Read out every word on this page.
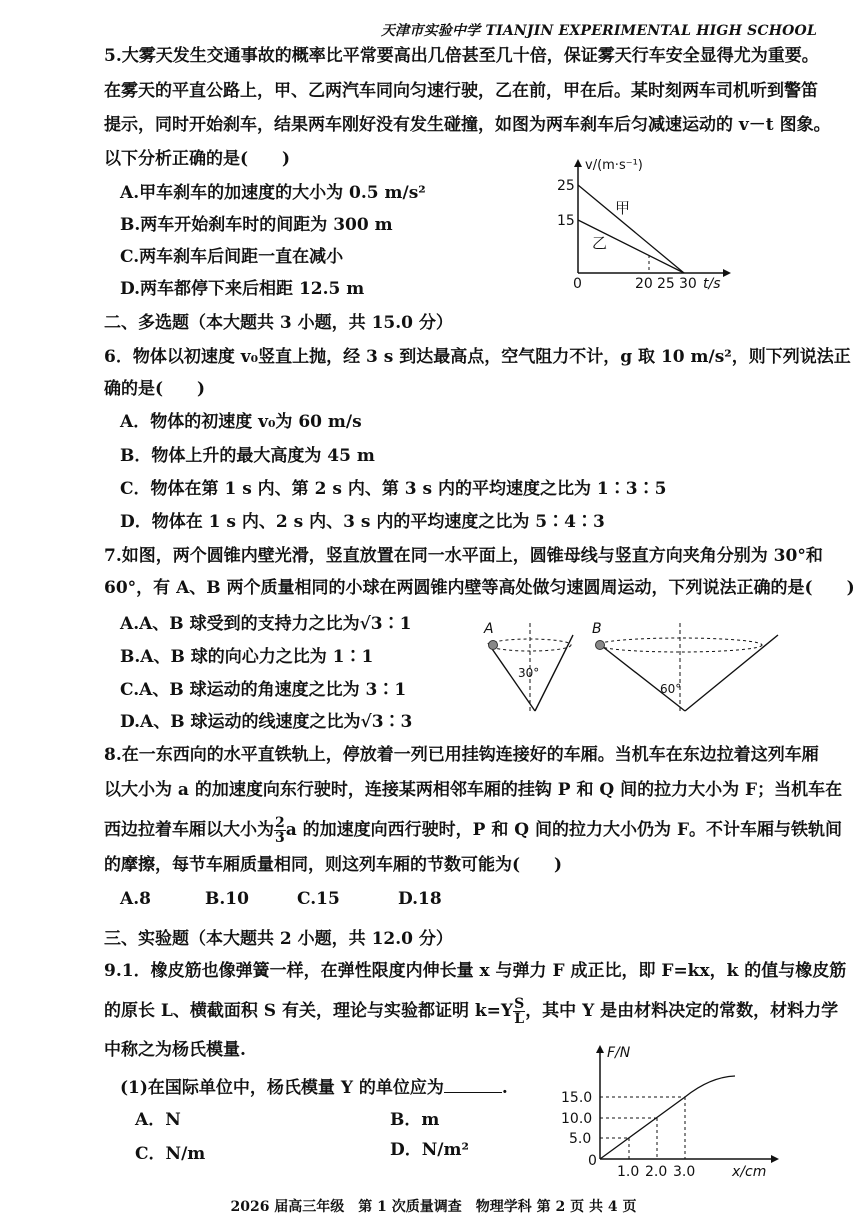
天津市实验中学 TIANJIN EXPERIMENTAL HIGH SCHOOL
5.大雾天发生交通事故的概率比平常要高出几倍甚至几十倍，保证雾天行车安全显得尤为重要。
在雾天的平直公路上，甲、乙两汽车同向匀速行驶，乙在前，甲在后。某时刻两车司机听到警笛
提示，同时开始刹车，结果两车刚好没有发生碰撞，如图为两车刹车后匀减速运动的 v－t 图象。
以下分析正确的是(　　)
A.甲车刹车的加速度的大小为 0.5 m/s²
B.两车开始刹车时的间距为 300 m
C.两车刹车后间距一直在减小
D.两车都停下来后相距 12.5 m
v/(m·s⁻¹)
25
15
0	20 25 30 t/s
甲
乙
二、多选题（本大题共 3 小题，共 15.0 分）
6．物体以初速度 v₀竖直上抛，经 3 s 到达最高点，空气阻力不计，g 取 10 m/s²，则下列说法正
确的是(　　)
A．物体的初速度 v₀为 60 m/s
B．物体上升的最大高度为 45 m
C．物体在第 1 s 内、第 2 s 内、第 3 s 内的平均速度之比为 1∶3∶5
D．物体在 1 s 内、2 s 内、3 s 内的平均速度之比为 5∶4∶3
7.如图，两个圆锥内壁光滑，竖直放置在同一水平面上，圆锥母线与竖直方向夹角分别为 30°和
60°，有 A、B 两个质量相同的小球在两圆锥内壁等高处做匀速圆周运动，下列说法正确的是(　　)
A.A、B 球受到的支持力之比为√3∶1
B.A、B 球的向心力之比为 1∶1
C.A、B 球运动的角速度之比为 3∶1
D.A、B 球运动的线速度之比为√3∶3
A
30°
B
60°
8.在一东西向的水平直铁轨上，停放着一列已用挂钩连接好的车厢。当机车在东边拉着这列车厢
以大小为 a 的加速度向东行驶时，连接某两相邻车厢的挂钩 P 和 Q 间的拉力大小为 F；当机车在
西边拉着车厢以大小为 $\frac{2}{3}$ a 的加速度向西行驶时，P 和 Q 间的拉力大小仍为 F。不计车厢与铁轨间
的摩擦，每节车厢质量相同，则这列车厢的节数可能为(　　)
A.8	B.10	C.15	D.18
三、实验题（本大题共 2 小题，共 12.0 分）
9.1．橡皮筋也像弹簧一样，在弹性限度内伸长量 x 与弹力 F 成正比，即 F=kx，k 的值与橡皮筋
的原长 L、横截面积 S 有关，理论与实验都证明 $k=Y \frac{S}{L}$ ，其中 Y 是由材料决定的常数，材料力学
中称之为杨氏模量.
(1)在国际单位中，杨氏模量 Y 的单位应为	.
A．N	B．m
C．N/m	D．N/m²
F/N
15.0
10.0
5.0
0
1.0 2.0 3.0	x/cm
2026 届高三年级　第 1 次质量调查　物理学科 第 2 页 共 4 页
